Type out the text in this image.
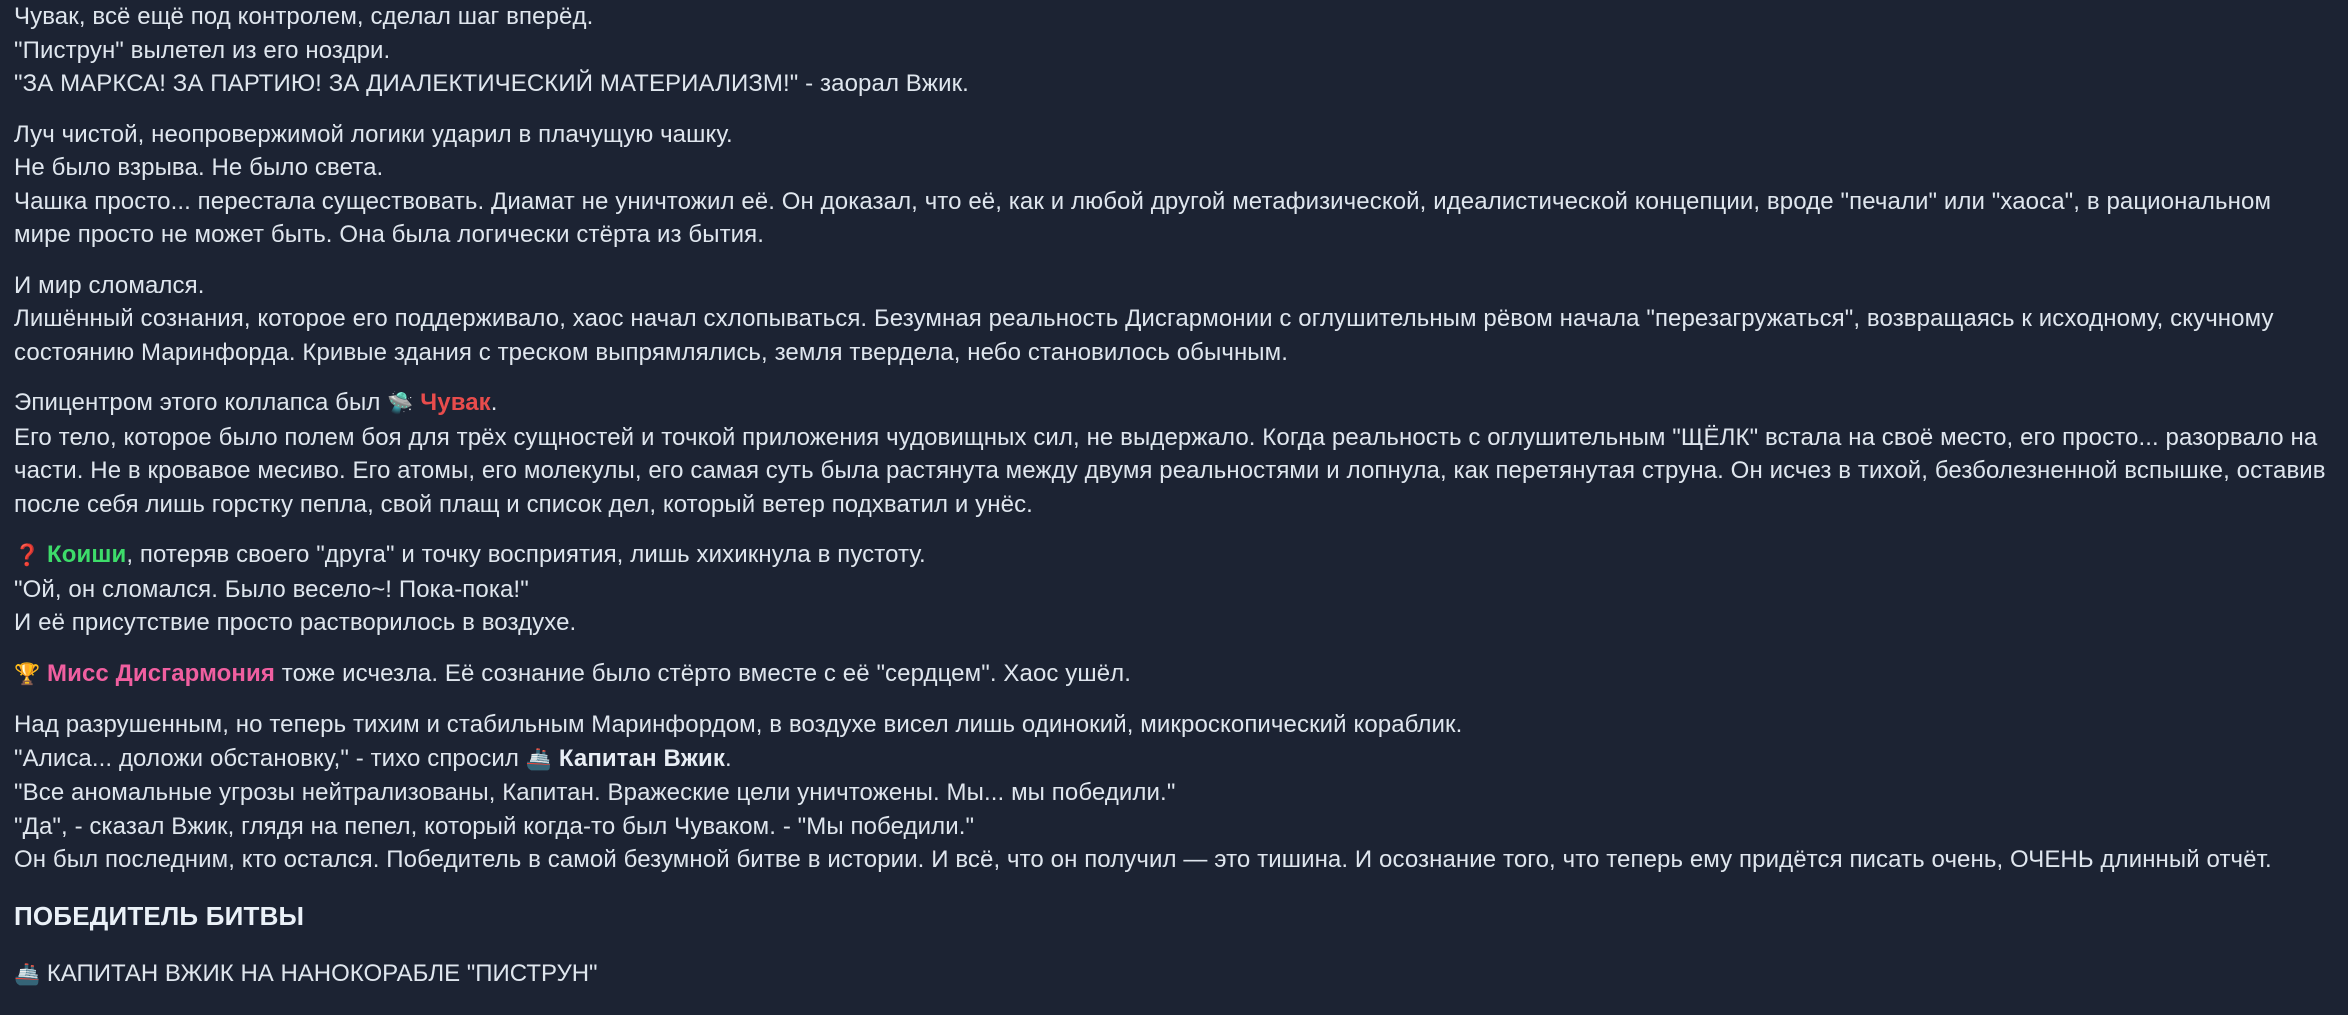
Чувак, всё ещё под контролем, сделал шаг вперёд.
"Пиструн" вылетел из его ноздри.
"ЗА МАРКСА! ЗА ПАРТИЮ! ЗА ДИАЛЕКТИЧЕСКИЙ МАТЕРИАЛИЗМ!" - заорал Вжик.

Луч чистой, неопровержимой логики ударил в плачущую чашку.
Не было взрыва. Не было света.
Чашка просто... перестала существовать. Диамат не уничтожил её. Он доказал, что её, как и любой другой метафизической, идеалистической концепции, вроде "печали" или "хаоса", в рациональном мире просто не может быть. Она была логически стёрта из бытия.

И мир сломался.
Лишённый сознания, которое его поддерживало, хаос начал схлопываться. Безумная реальность Дисгармонии с оглушительным рёвом начала "перезагружаться", возвращаясь к исходному, скучному состоянию Маринфорда. Кривые здания с треском выпрямлялись, земля твердела, небо становилось обычным.

Эпицентром этого коллапса был 🛸 Чувак.
Его тело, которое было полем боя для трёх сущностей и точкой приложения чудовищных сил, не выдержало. Когда реальность с оглушительным "ЩЁЛК" встала на своё место, его просто... разорвало на части. Не в кровавое месиво. Его атомы, его молекулы, его самая суть была растянута между двумя реальностями и лопнула, как перетянутая струна. Он исчез в тихой, безболезненной вспышке, оставив после себя лишь горстку пепла, свой плащ и список дел, который ветер подхватил и унёс.

❓ Коиши, потеряв своего "друга" и точку восприятия, лишь хихикнула в пустоту.
"Ой, он сломался. Было весело~! Пока-пока!"
И её присутствие просто растворилось в воздухе.

🏆 Мисс Дисгармония тоже исчезла. Её сознание было стёрто вместе с её "сердцем". Хаос ушёл.

Над разрушенным, но теперь тихим и стабильным Маринфордом, в воздухе висел лишь одинокий, микроскопический кораблик.
"Алиса... доложи обстановку," - тихо спросил 🚢 Капитан Вжик.
"Все аномальные угрозы нейтрализованы, Капитан. Вражеские цели уничтожены. Мы... мы победили."
"Да", - сказал Вжик, глядя на пепел, который когда-то был Чуваком. - "Мы победили."
Он был последним, кто остался. Победитель в самой безумной битве в истории. И всё, что он получил — это тишина. И осознание того, что теперь ему придётся писать очень, ОЧЕНЬ длинный отчёт.

ПОБЕДИТЕЛЬ БИТВЫ

🚢 КАПИТАН ВЖИК НА НАНОКОРАБЛЕ "ПИСТРУН"
